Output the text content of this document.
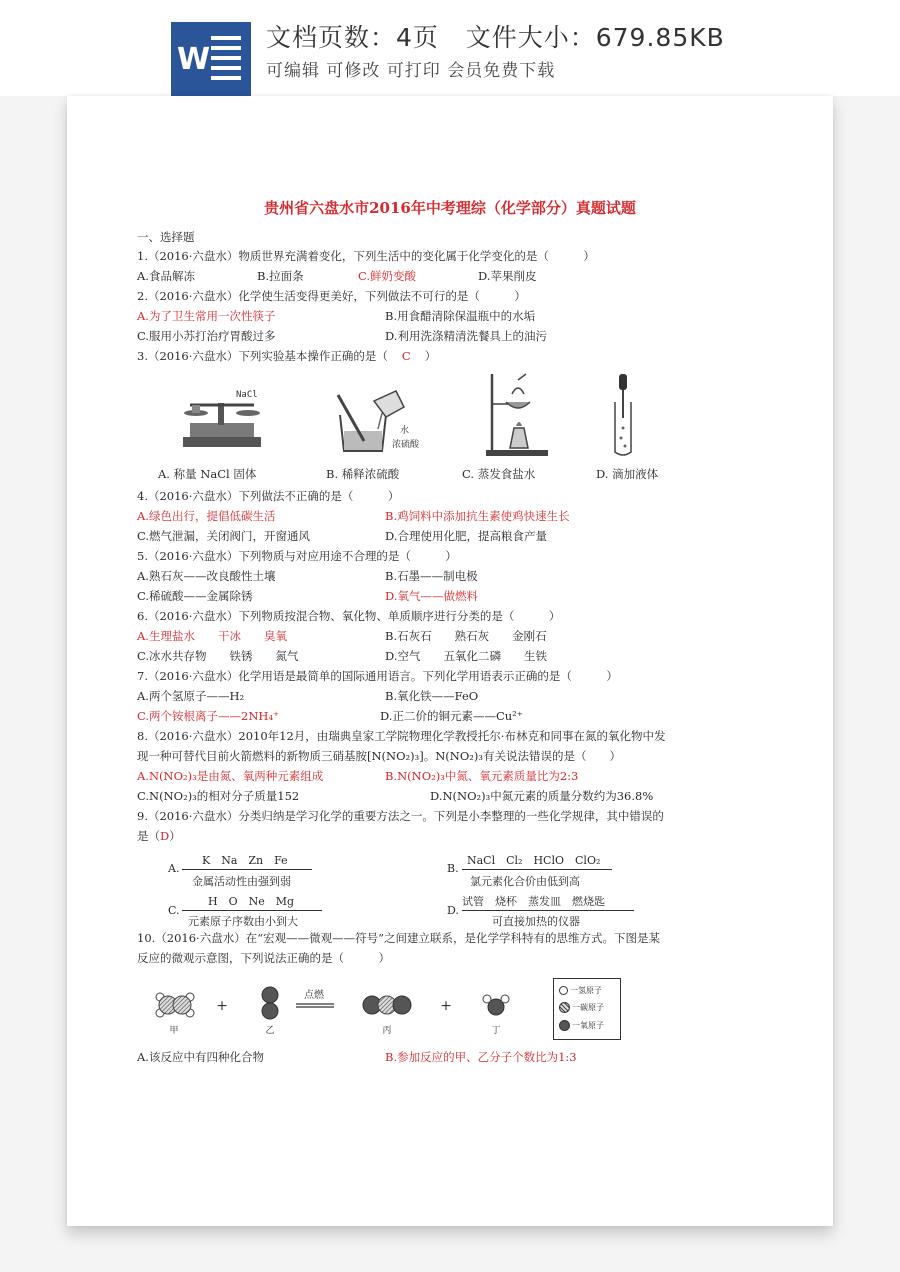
W
文档页数：4页   文件大小：679.85KB
可编辑 可修改 可打印 会员免费下载
贵州省六盘水市2016年中考理综（化学部分）真题试题
一、选择题
1.（2016·六盘水）物质世界充满着变化，下列生活中的变化属于化学变化的是（　　　）
A.食品解冻	B.拉面条	C.鲜奶变酸	D.苹果削皮
2.（2016·六盘水）化学使生活变得更美好，下列做法不可行的是（　　　）
A.为了卫生常用一次性筷子	B.用食醋清除保温瓶中的水垢
C.服用小苏打治疗胃酸过多	D.利用洗涤精清洗餐具上的油污
3.（2016·六盘水）下列实验基本操作正确的是（ C ）
NaCl
水
浓硫酸
A. 称量 NaCl 固体	B. 稀释浓硫酸	C. 蒸发食盐水	D. 滴加液体
4.（2016·六盘水）下列做法不正确的是（　　　）
A.绿色出行，提倡低碳生活	B.鸡饲料中添加抗生素使鸡快速生长
C.燃气泄漏，关闭阀门，开窗通风	D.合理使用化肥，提高粮食产量
5.（2016·六盘水）下列物质与对应用途不合理的是（　　　）
A.熟石灰——改良酸性土壤	B.石墨——制电极
C.稀硫酸——金属除锈	D.氧气——做燃料
6.（2016·六盘水）下列物质按混合物、氧化物、单质顺序进行分类的是（　　　）
A.生理盐水　　干冰　　臭氧	B.石灰石　　熟石灰　　金刚石
C.冰水共存物　　铁锈　　氮气	D.空气　　五氧化二磷　　生铁
7.（2016·六盘水）化学用语是最简单的国际通用语言。下列化学用语表示正确的是（　　　）
A.两个氢原子——H₂	B.氧化铁——FeO
C.两个铵根离子——2NH₄⁺	D.正二价的铜元素——Cu²⁺
8.（2016·六盘水）2010年12月，由瑞典皇家工学院物理化学教授托尔·布林克和同事在氮的氧化物中发
现一种可替代目前火箭燃料的新物质三硝基胺[N(NO₂)₃]。N(NO₂)₃有关说法错误的是（　　）
A.N(NO₂)₃是由氮、氧两种元素组成	B.N(NO₂)₃中氮、氧元素质量比为2:3
C.N(NO₂)₃的相对分子质量152	D.N(NO₂)₃中氮元素的质量分数约为36.8%
9.（2016·六盘水）分类归纳是学习化学的重要方法之一。下列是小李整理的一些化学规律，其中错误的
是（D）
A.
K　Na　Zn　Fe
金属活动性由强到弱
B.
NaCl　Cl₂　HClO　ClO₂
氯元素化合价由低到高
C.
H　O　Ne　Mg
元素原子序数由小到大
D.
试管　烧杯　蒸发皿　燃烧匙
可直接加热的仪器
10.（2016·六盘水）在“宏观——微观——符号”之间建立联系，是化学学科特有的思维方式。下图是某
反应的微观示意图，下列说法正确的是（　　　）
甲
+
乙
点燃
丙
+
丁
一氢原子
一碳原子
一氧原子
A.该反应中有四种化合物	B.参加反应的甲、乙分子个数比为1:3
